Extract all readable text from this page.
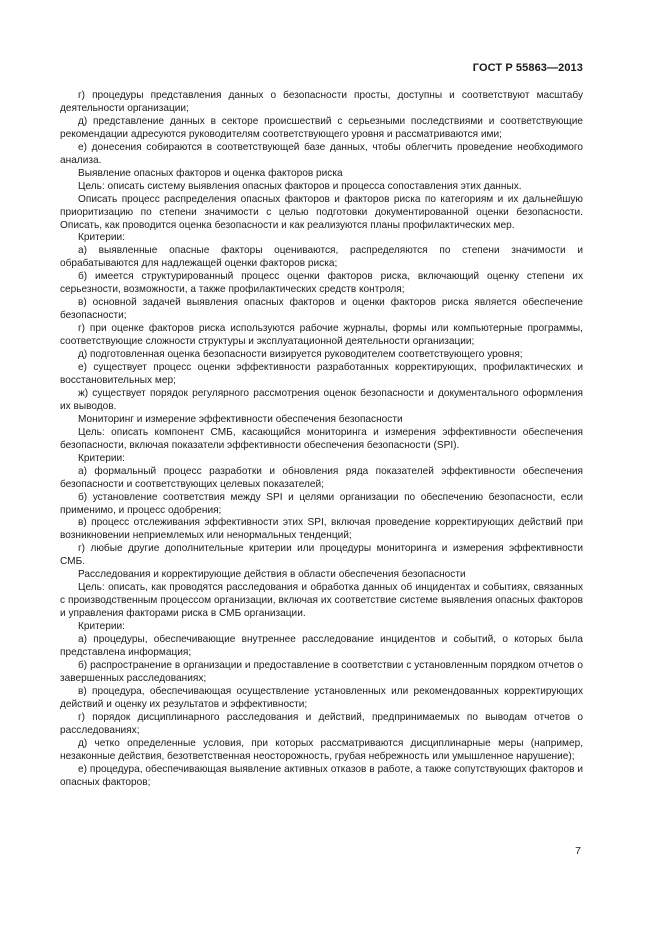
ГОСТ Р 55863—2013

г) процедуры представления данных о безопасности просты, доступны и соответствуют масштабу деятельности организации;

д) представление данных в секторе происшествий с серьезными последствиями и соответствующие рекомендации адресуются руководителям соответствующего уровня и рассматриваются ими;

е) донесения собираются в соответствующей базе данных, чтобы облегчить проведение необходимого анализа.

Выявление опасных факторов и оценка факторов риска

Цель: описать систему выявления опасных факторов и процесса сопоставления этих данных.

Описать процесс распределения опасных факторов и факторов риска по категориям и их дальнейшую приоритизацию по степени значимости с целью подготовки документированной оценки безопасности. Описать, как проводится оценка безопасности и как реализуются планы профилактических мер.

Критерии:

а) выявленные опасные факторы оцениваются, распределяются по степени значимости и обрабатываются для надлежащей оценки факторов риска;

б) имеется структурированный процесс оценки факторов риска, включающий оценку степени их серьезности, возможности, а также профилактических средств контроля;

в) основной задачей выявления опасных факторов и оценки факторов риска является обеспечение безопасности;

г) при оценке факторов риска используются рабочие журналы, формы или компьютерные программы, соответствующие сложности структуры и эксплуатационной деятельности организации;

д) подготовленная оценка безопасности визируется руководителем соответствующего уровня;

е) существует процесс оценки эффективности разработанных корректирующих, профилактических и восстановительных мер;

ж) существует порядок регулярного рассмотрения оценок безопасности и документального оформления их выводов.

Мониторинг и измерение эффективности обеспечения безопасности

Цель: описать компонент СМБ, касающийся мониторинга и измерения эффективности обеспечения безопасности, включая показатели эффективности обеспечения безопасности (SPI).

Критерии:

а) формальный процесс разработки и обновления ряда показателей эффективности обеспечения безопасности и соответствующих целевых показателей;

б) установление соответствия между SPI и целями организации по обеспечению безопасности, если применимо, и процесс одобрения;

в) процесс отслеживания эффективности этих SPI, включая проведение корректирующих действий при возникновении неприемлемых или ненормальных тенденций;

г) любые другие дополнительные критерии или процедуры мониторинга и измерения эффективности СМБ.

Расследования и корректирующие действия в области обеспечения безопасности

Цель: описать, как проводятся расследования и обработка данных об инцидентах и событиях, связанных с производственным процессом организации, включая их соответствие системе выявления опасных факторов и управления факторами риска в СМБ организации.

Критерии:

а) процедуры, обеспечивающие внутреннее расследование инцидентов и событий, о которых была представлена информация;

б) распространение в организации и предоставление в соответствии с установленным порядком отчетов о завершенных расследованиях;

в) процедура, обеспечивающая осуществление установленных или рекомендованных корректирующих действий и оценку их результатов и эффективности;

г) порядок дисциплинарного расследования и действий, предпринимаемых по выводам отчетов о расследованиях;

д) четко определенные условия, при которых рассматриваются дисциплинарные меры (например, незаконные действия, безответственная неосторожность, грубая небрежность или умышленное нарушение);

е) процедура, обеспечивающая выявление активных отказов в работе, а также сопутствующих факторов и опасных факторов;

7
